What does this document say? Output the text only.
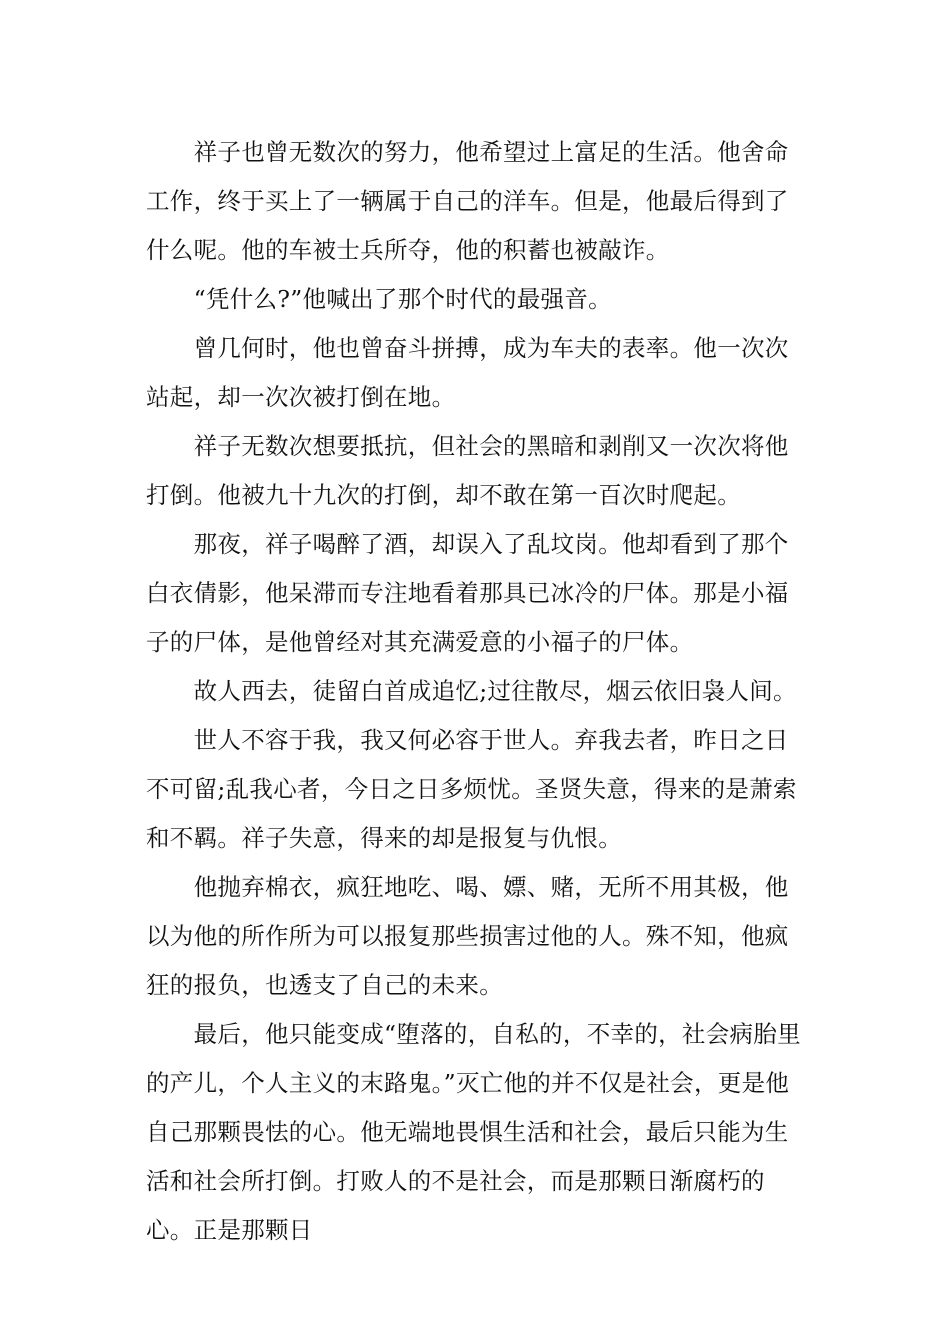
　　祥子也曾无数次的努力，他希望过上富足的生活。他舍命工作，终于买上了一辆属于自己的洋车。但是，他最后得到了什么呢。他的车被士兵所夺，他的积蓄也被敲诈。

　　“凭什么?”他喊出了那个时代的最强音。

　　曾几何时，他也曾奋斗拼搏，成为车夫的表率。他一次次站起，却一次次被打倒在地。

　　祥子无数次想要抵抗，但社会的黑暗和剥削又一次次将他打倒。他被九十九次的打倒，却不敢在第一百次时爬起。

　　那夜，祥子喝醉了酒，却误入了乱坟岗。他却看到了那个白衣倩影，他呆滞而专注地看着那具已冰冷的尸体。那是小福子的尸体，是他曾经对其充满爱意的小福子的尸体。

　　故人西去，徒留白首成追忆;过往散尽，烟云依旧袅人间。

　　世人不容于我，我又何必容于世人。弃我去者，昨日之日不可留;乱我心者，今日之日多烦忧。圣贤失意，得来的是萧索和不羁。祥子失意，得来的却是报复与仇恨。

　　他抛弃棉衣，疯狂地吃、喝、嫖、赌，无所不用其极，他以为他的所作所为可以报复那些损害过他的人。殊不知，他疯狂的报负，也透支了自己的未来。

　　最后，他只能变成“堕落的，自私的，不幸的，社会病胎里的产儿，个人主义的末路鬼。”灭亡他的并不仅是社会，更是他自己那颗畏怯的心。他无端地畏惧生活和社会，最后只能为生活和社会所打倒。打败人的不是社会，而是那颗日渐腐朽的心。正是那颗日
